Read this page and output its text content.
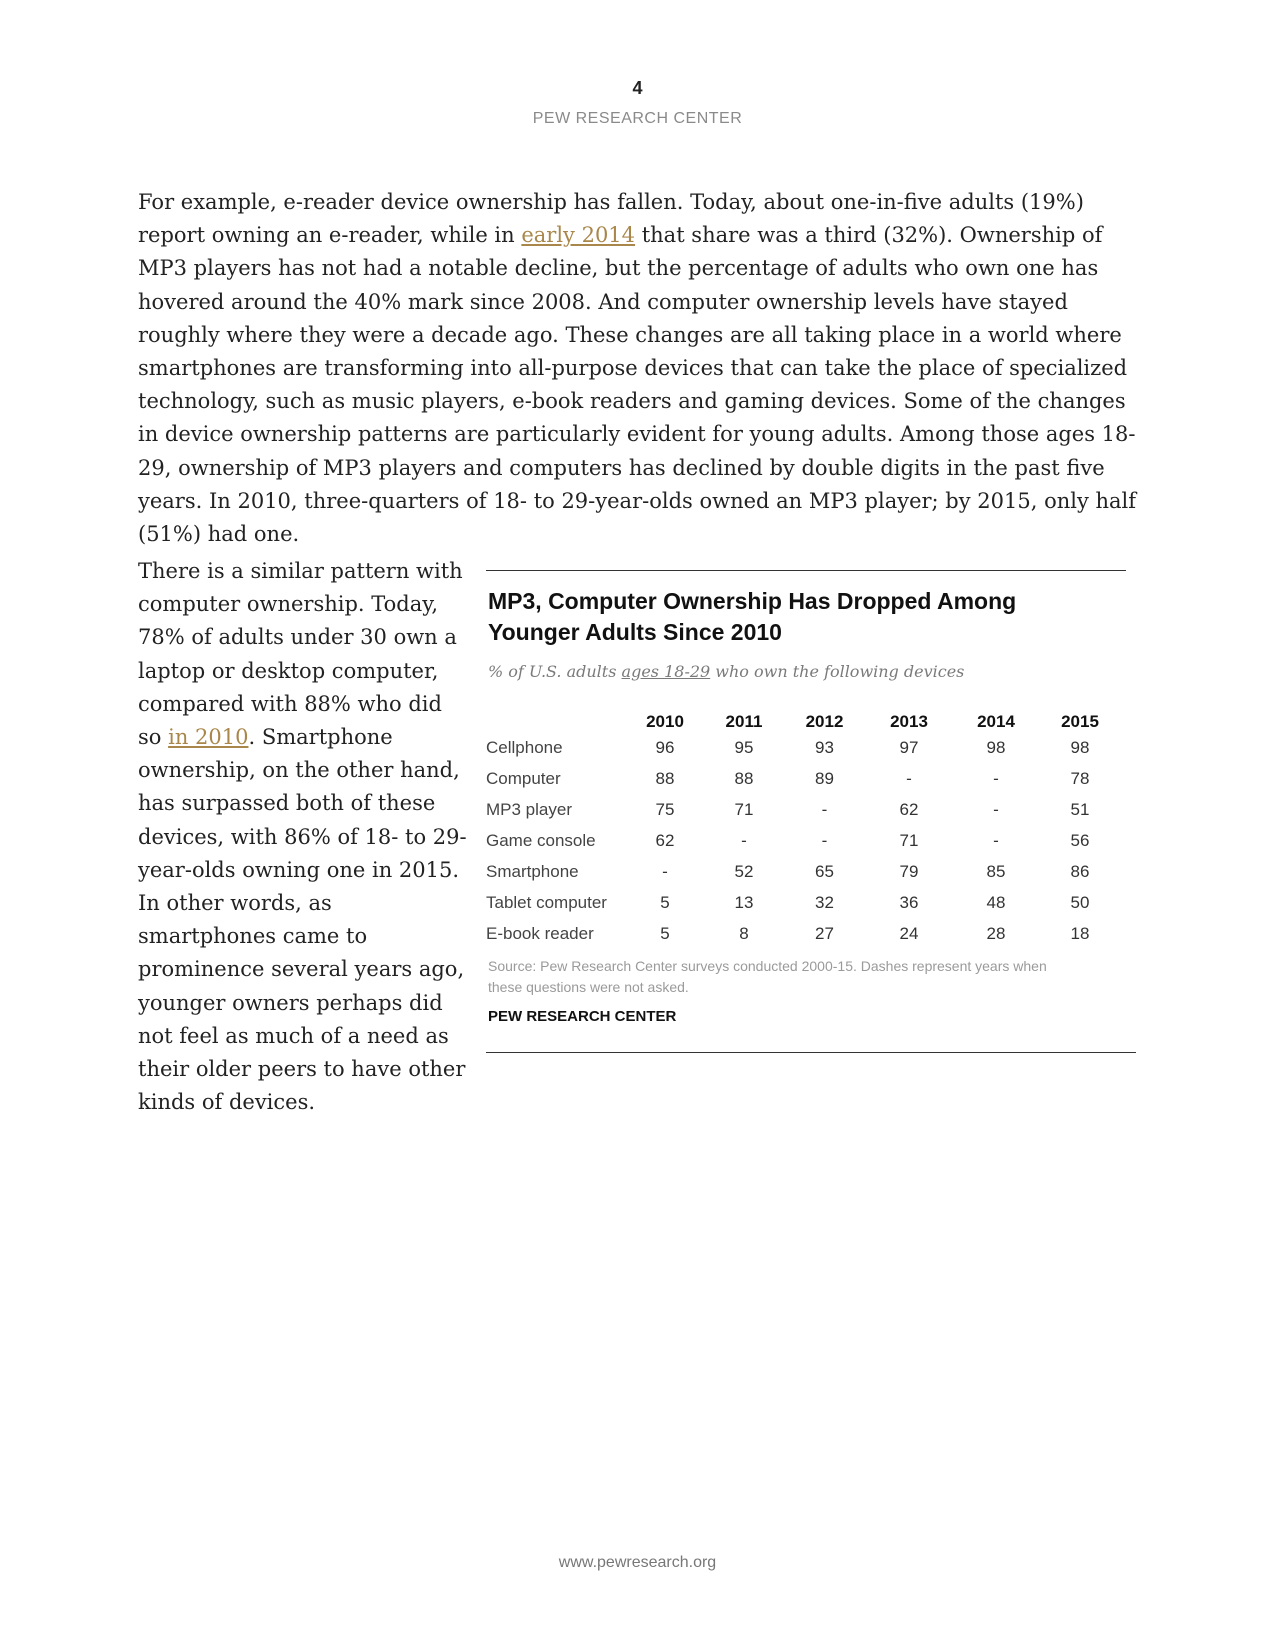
4
PEW RESEARCH CENTER

For example, e-reader device ownership has fallen. Today, about one-in-five adults (19%) report owning an e-reader, while in early 2014 that share was a third (32%). Ownership of MP3 players has not had a notable decline, but the percentage of adults who own one has hovered around the 40% mark since 2008. And computer ownership levels have stayed roughly where they were a decade ago. These changes are all taking place in a world where smartphones are transforming into all-purpose devices that can take the place of specialized technology, such as music players, e-book readers and gaming devices. Some of the changes in device ownership patterns are particularly evident for young adults. Among those ages 18-29, ownership of MP3 players and computers has declined by double digits in the past five years. In 2010, three-quarters of 18- to 29-year-olds owned an MP3 player; by 2015, only half (51%) had one.

There is a similar pattern with computer ownership. Today, 78% of adults under 30 own a laptop or desktop computer, compared with 88% who did so in 2010. Smartphone ownership, on the other hand, has surpassed both of these devices, with 86% of 18- to 29-year-olds owning one in 2015. In other words, as smartphones came to prominence several years ago, younger owners perhaps did not feel as much of a need as their older peers to have other kinds of devices.

MP3, Computer Ownership Has Dropped Among Younger Adults Since 2010
% of U.S. adults ages 18-29 who own the following devices
	2010	2011	2012	2013	2014	2015
Cellphone	96	95	93	97	98	98
Computer	88	88	89	-	-	78
MP3 player	75	71	-	62	-	51
Game console	62	-	-	71	-	56
Smartphone	-	52	65	79	85	86
Tablet computer	5	13	32	36	48	50
E-book reader	5	8	27	24	28	18
Source: Pew Research Center surveys conducted 2000-15. Dashes represent years when these questions were not asked.
PEW RESEARCH CENTER
www.pewresearch.org
